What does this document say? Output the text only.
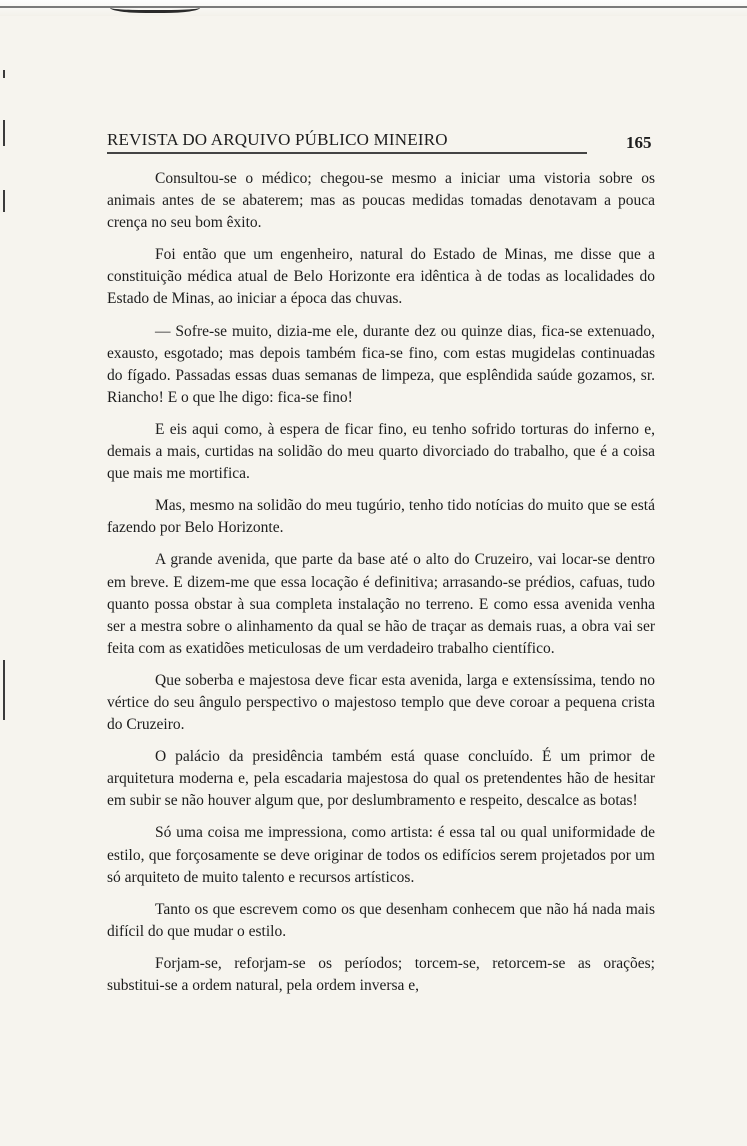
REVISTA DO ARQUIVO PÚBLICO MINEIRO	165

Consultou-se o médico; chegou-se mesmo a iniciar uma vistoria sobre os animais antes de se abaterem; mas as poucas medidas tomadas denotavam a pouca crença no seu bom êxito.

Foi então que um engenheiro, natural do Estado de Minas, me disse que a constituição médica atual de Belo Horizonte era idêntica à de todas as localidades do Estado de Minas, ao iniciar a época das chuvas.

— Sofre-se muito, dizia-me ele, durante dez ou quinze dias, fica-se extenuado, exausto, esgotado; mas depois também fica-se fino, com estas mugidelas continuadas do fígado. Passadas essas duas semanas de limpeza, que esplêndida saúde gozamos, sr. Riancho! E o que lhe digo: fica-se fino!

E eis aqui como, à espera de ficar fino, eu tenho sofrido torturas do inferno e, demais a mais, curtidas na solidão do meu quarto divorciado do trabalho, que é a coisa que mais me mortifica.

Mas, mesmo na solidão do meu tugúrio, tenho tido notícias do muito que se está fazendo por Belo Horizonte.

A grande avenida, que parte da base até o alto do Cruzeiro, vai locar-se dentro em breve. E dizem-me que essa locação é definitiva; arrasando-se prédios, cafuas, tudo quanto possa obstar à sua completa instalação no terreno. E como essa avenida venha ser a mestra sobre o alinhamento da qual se hão de traçar as demais ruas, a obra vai ser feita com as exatidões meticulosas de um verdadeiro trabalho científico.

Que soberba e majestosa deve ficar esta avenida, larga e extensíssima, tendo no vértice do seu ângulo perspectivo o majestoso templo que deve coroar a pequena crista do Cruzeiro.

O palácio da presidência também está quase concluído. É um primor de arquitetura moderna e, pela escadaria majestosa do qual os pretendentes hão de hesitar em subir se não houver algum que, por deslumbramento e respeito, descalce as botas!

Só uma coisa me impressiona, como artista: é essa tal ou qual uniformidade de estilo, que forçosamente se deve originar de todos os edifícios serem projetados por um só arquiteto de muito talento e recursos artísticos.

Tanto os que escrevem como os que desenham conhecem que não há nada mais difícil do que mudar o estilo.

Forjam-se, reforjam-se os períodos; torcem-se, retorcem-se as orações; substitui-se a ordem natural, pela ordem inversa e,
